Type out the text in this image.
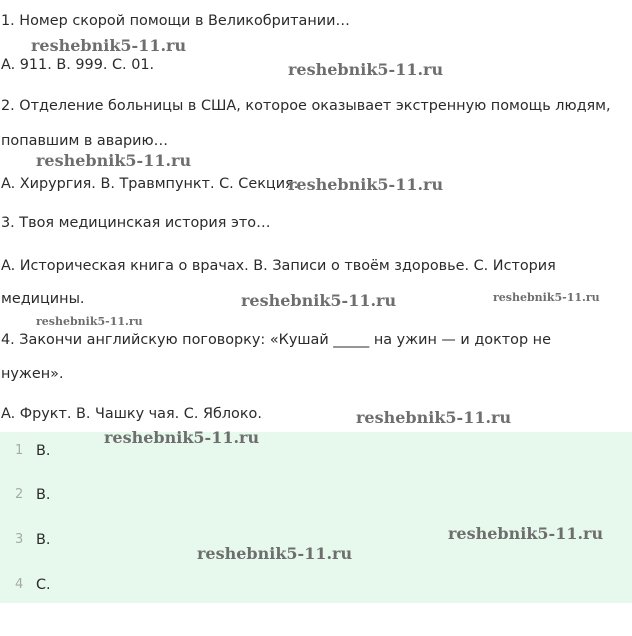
1. Номер скорой помощи в Великобритании…
A. 911. B. 999. C. 01.
2. Отделение больницы в США, которое оказывает экстренную помощь людям,
попавшим в аварию…
A. Хирургия. B. Травмпункт. C. Секция.
3. Твоя медицинская история это…
A. Историческая книга о врачах. B. Записи о твоём здоровье. C. История
медицины.
4. Закончи английскую поговорку: «Кушай _____ на ужин — и доктор не
нужен».
A. Фрукт. B. Чашку чая. C. Яблоко.
1 B.
2 B.
3 B.
4 C.
reshebnik5-11.ru
reshebnik5-11.ru
reshebnik5-11.ru
reshebnik5-11.ru
reshebnik5-11.ru	reshebnik5-11.ru
reshebnik5-11.ru
reshebnik5-11.ru
reshebnik5-11.ru
reshebnik5-11.ru
reshebnik5-11.ru
